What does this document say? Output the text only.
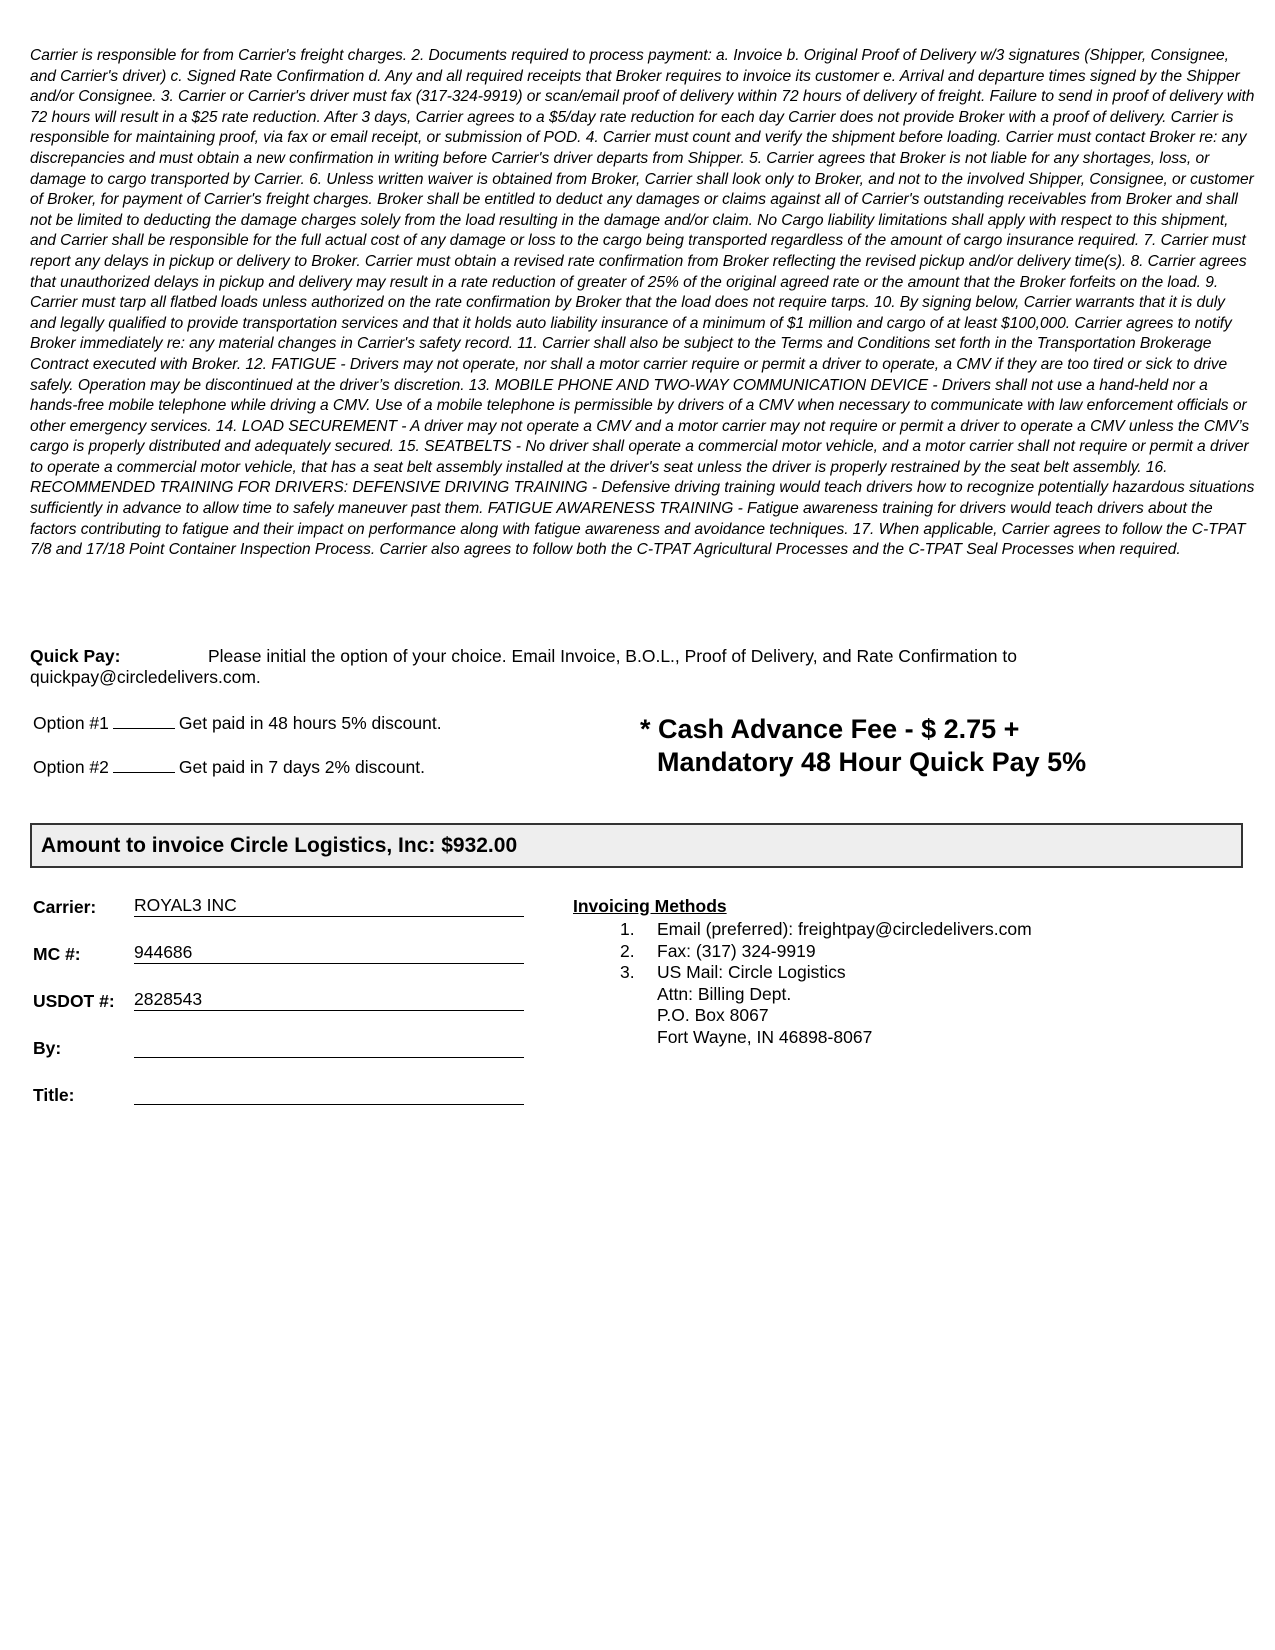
Carrier is responsible for from Carrier's freight charges. 2. Documents required to process payment: a. Invoice b. Original Proof of Delivery w/3 signatures (Shipper, Consignee, and Carrier's driver) c. Signed Rate Confirmation d. Any and all required receipts that Broker requires to invoice its customer e. Arrival and departure times signed by the Shipper and/or Consignee. 3. Carrier or Carrier's driver must fax (317-324-9919) or scan/email proof of delivery within 72 hours of delivery of freight. Failure to send in proof of delivery with 72 hours will result in a $25 rate reduction. After 3 days, Carrier agrees to a $5/day rate reduction for each day Carrier does not provide Broker with a proof of delivery. Carrier is responsible for maintaining proof, via fax or email receipt, or submission of POD. 4. Carrier must count and verify the shipment before loading. Carrier must contact Broker re: any discrepancies and must obtain a new confirmation in writing before Carrier's driver departs from Shipper. 5. Carrier agrees that Broker is not liable for any shortages, loss, or damage to cargo transported by Carrier. 6. Unless written waiver is obtained from Broker, Carrier shall look only to Broker, and not to the involved Shipper, Consignee, or customer of Broker, for payment of Carrier's freight charges. Broker shall be entitled to deduct any damages or claims against all of Carrier's outstanding receivables from Broker and shall not be limited to deducting the damage charges solely from the load resulting in the damage and/or claim. No Cargo liability limitations shall apply with respect to this shipment, and Carrier shall be responsible for the full actual cost of any damage or loss to the cargo being transported regardless of the amount of cargo insurance required. 7. Carrier must report any delays in pickup or delivery to Broker. Carrier must obtain a revised rate confirmation from Broker reflecting the revised pickup and/or delivery time(s). 8. Carrier agrees that unauthorized delays in pickup and delivery may result in a rate reduction of greater of 25% of the original agreed rate or the amount that the Broker forfeits on the load. 9. Carrier must tarp all flatbed loads unless authorized on the rate confirmation by Broker that the load does not require tarps. 10. By signing below, Carrier warrants that it is duly and legally qualified to provide transportation services and that it holds auto liability insurance of a minimum of $1 million and cargo of at least $100,000. Carrier agrees to notify Broker immediately re: any material changes in Carrier's safety record. 11. Carrier shall also be subject to the Terms and Conditions set forth in the Transportation Brokerage Contract executed with Broker. 12. FATIGUE - Drivers may not operate, nor shall a motor carrier require or permit a driver to operate, a CMV if they are too tired or sick to drive safely. Operation may be discontinued at the driver’s discretion. 13. MOBILE PHONE AND TWO-WAY COMMUNICATION DEVICE - Drivers shall not use a hand-held nor a hands-free mobile telephone while driving a CMV. Use of a mobile telephone is permissible by drivers of a CMV when necessary to communicate with law enforcement officials or other emergency services. 14. LOAD SECUREMENT - A driver may not operate a CMV and a motor carrier may not require or permit a driver to operate a CMV unless the CMV’s cargo is properly distributed and adequately secured. 15. SEATBELTS - No driver shall operate a commercial motor vehicle, and a motor carrier shall not require or permit a driver to operate a commercial motor vehicle, that has a seat belt assembly installed at the driver's seat unless the driver is properly restrained by the seat belt assembly. 16. RECOMMENDED TRAINING FOR DRIVERS: DEFENSIVE DRIVING TRAINING - Defensive driving training would teach drivers how to recognize potentially hazardous situations sufficiently in advance to allow time to safely maneuver past them. FATIGUE AWARENESS TRAINING - Fatigue awareness training for drivers would teach drivers about the factors contributing to fatigue and their impact on performance along with fatigue awareness and avoidance techniques. 17. When applicable, Carrier agrees to follow the C-TPAT 7/8 and 17/18 Point Container Inspection Process. Carrier also agrees to follow both the C-TPAT Agricultural Processes and the C-TPAT Seal Processes when required.

Quick Pay:	Please initial the option of your choice. Email Invoice, B.O.L., Proof of Delivery, and Rate Confirmation to quickpay@circledelivers.com.

Option #1	Get paid in 48 hours 5% discount.
Option #2	Get paid in 7 days 2% discount.
* Cash Advance Fee - $ 2.75 +
Mandatory 48 Hour Quick Pay 5%
Amount to invoice Circle Logistics, Inc: $932.00
Carrier: ROYAL3 INC
MC #:	944686
USDOT #: 2828543
By:
Title:
Invoicing Methods
1. Email (preferred): freightpay@circledelivers.com
2. Fax: (317) 324-9919
3. US Mail: Circle Logistics
Attn: Billing Dept.
P.O. Box 8067
Fort Wayne, IN 46898-8067
